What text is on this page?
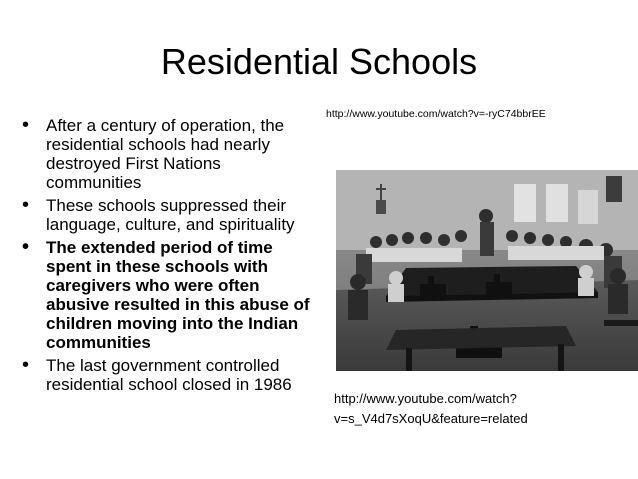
Residential Schools
• After a century of operation, the residential schools had nearly destroyed First Nations communities
• These schools suppressed their language, culture, and spirituality
• The extended period of time spent in these schools with caregivers who were often abusive resulted in this abuse of children moving into the Indian communities
• The last government controlled residential school closed in 1986
http://www.youtube.com/watch?v=-ryC74bbrEE
http://www.youtube.com/watch?
v=s_V4d7sXoqU&feature=related
